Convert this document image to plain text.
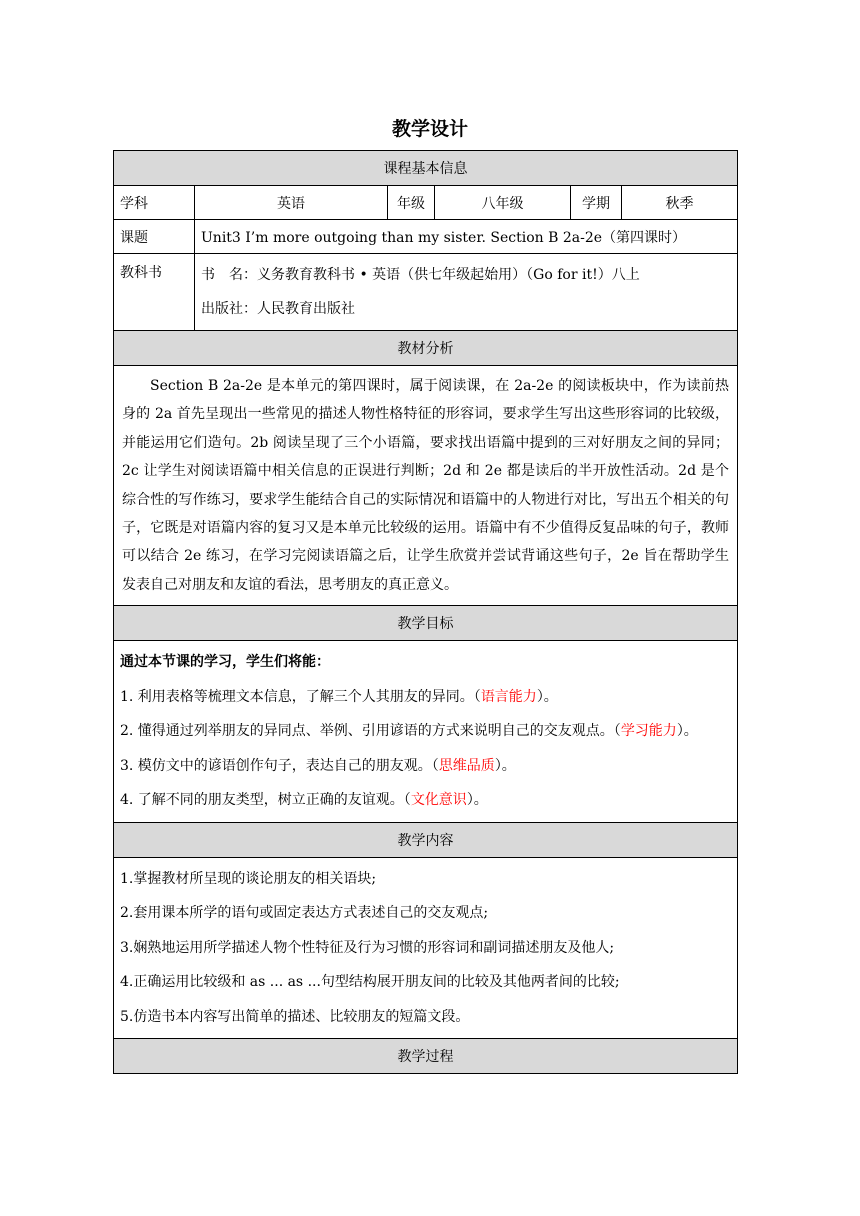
教学设计
课程基本信息					
学科	英语	年级	八年级	学期	秋季
课题	Unit3 I’m more outgoing than my sister. Section B 2a-2e（第四课时）				
教科书	书　名：义务教育教科书 • 英语（供七年级起始用）（Go for it!）八上
出版社：人民教育出版社				

教材分析					
Section B 2a-2e 是本单元的第四课时，属于阅读课，在 2a-2e 的阅读板块中，作为读前热身的 2a 首先呈现出一些常见的描述人物性格特征的形容词，要求学生写出这些形容词的比较级，并能运用它们造句。2b 阅读呈现了三个小语篇，要求找出语篇中提到的三对好朋友之间的异同；2c 让学生对阅读语篇中相关信息的正误进行判断；2d 和 2e 都是读后的半开放性活动。2d 是个综合性的写作练习，要求学生能结合自己的实际情况和语篇中的人物进行对比，写出五个相关的句子，它既是对语篇内容的复习又是本单元比较级的运用。语篇中有不少值得反复品味的句子，教师可以结合 2e 练习，在学习完阅读语篇之后，让学生欣赏并尝试背诵这些句子，2e 旨在帮助学生发表自己对朋友和友谊的看法，思考朋友的真正意义。					
教学目标					

通过本节课的学习，学生们将能：
1. 利用表格等梳理文本信息，了解三个人其朋友的异同。（语言能力）。
2. 懂得通过列举朋友的异同点、举例、引用谚语的方式来说明自己的交友观点。（学习能力）。
3. 模仿文中的谚语创作句子，表达自己的朋友观。（思维品质）。
4. 了解不同的朋友类型，树立正确的友谊观。（文化意识）。					

教学内容					

1.掌握教材所呈现的谈论朋友的相关语块;
2.套用课本所学的语句或固定表达方式表述自己的交友观点;
3.娴熟地运用所学描述人物个性特征及行为习惯的形容词和副词描述朋友及他人;
4.正确运用比较级和 as ... as ...句型结构展开朋友间的比较及其他两者间的比较;
5.仿造书本内容写出简单的描述、比较朋友的短篇文段。					

教学过程					
